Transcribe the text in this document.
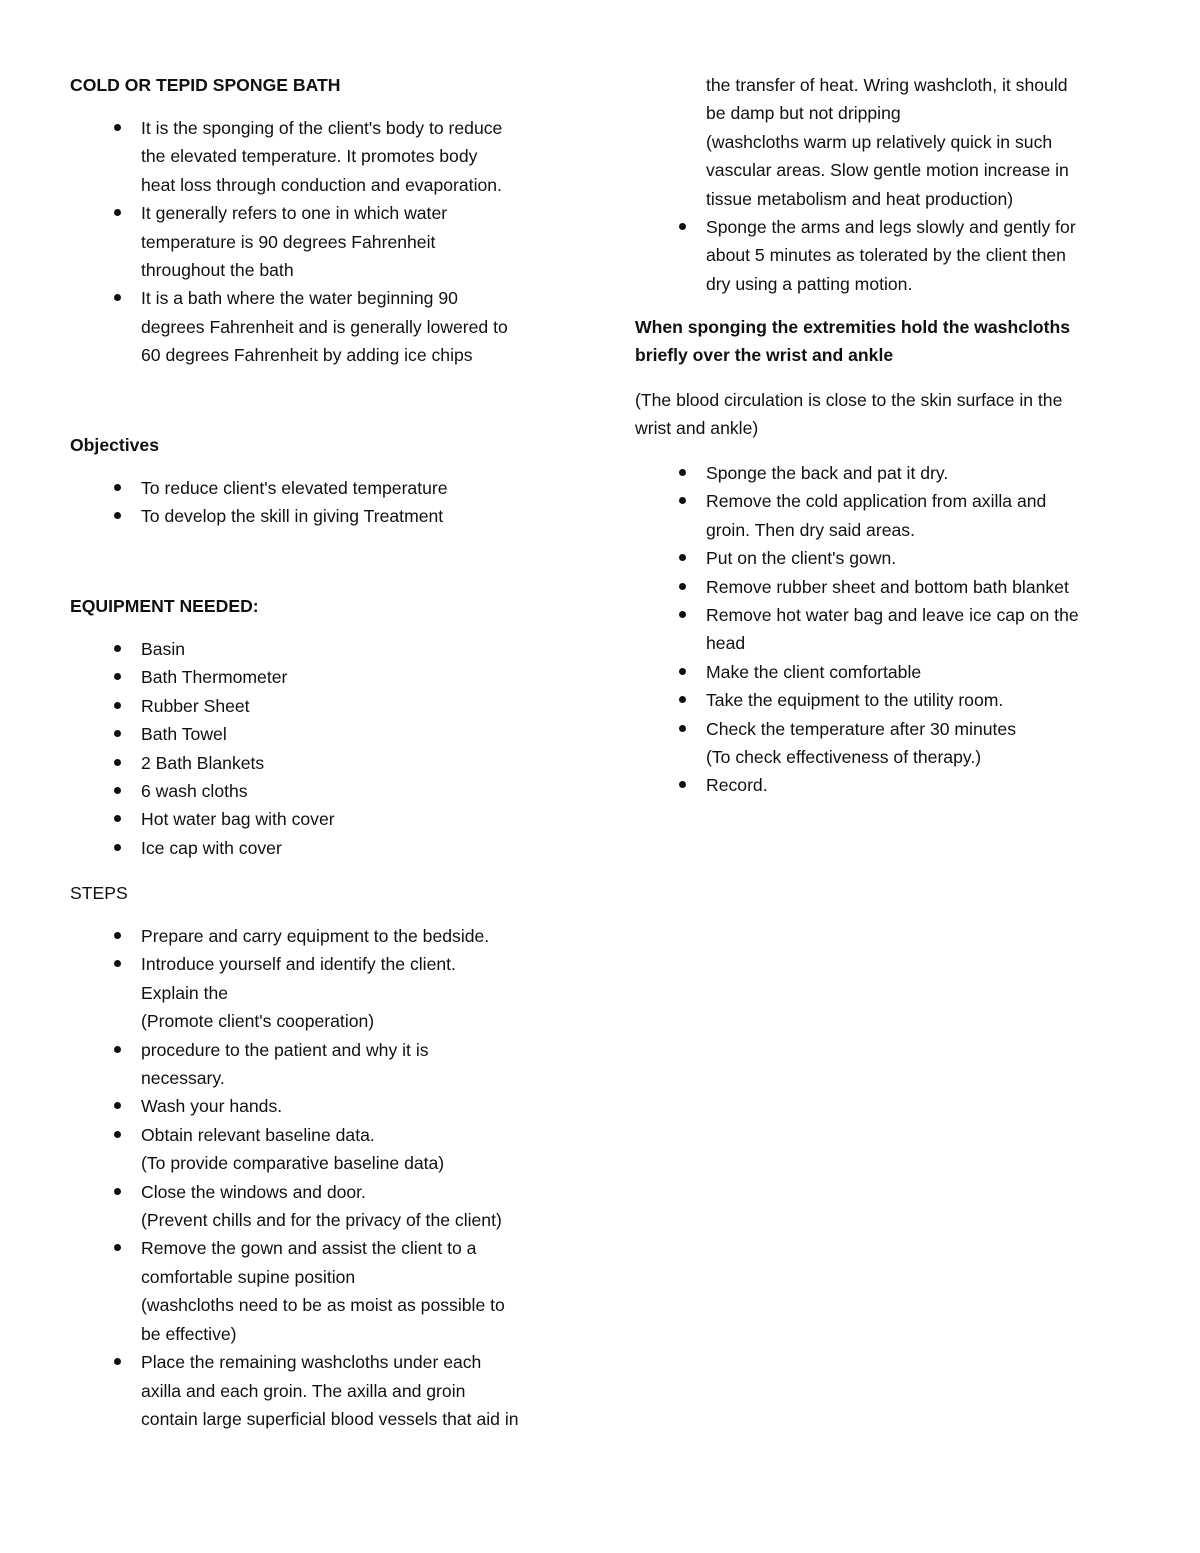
COLD OR TEPID SPONGE BATH
It is the sponging of the client's body to reduce
the elevated temperature. It promotes body
heat loss through conduction and evaporation.
It generally refers to one in which water
temperature is 90 degrees Fahrenheit
throughout the bath
It is a bath where the water beginning 90
degrees Fahrenheit and is generally lowered to
60 degrees Fahrenheit by adding ice chips
Objectives
To reduce client's elevated temperature
To develop the skill in giving Treatment
EQUIPMENT NEEDED:
Basin
Bath Thermometer
Rubber Sheet
Bath Towel
2 Bath Blankets
6 wash cloths
Hot water bag with cover
Ice cap with cover
STEPS
Prepare and carry equipment to the bedside.
Introduce yourself and identify the client.
Explain the
(Promote client's cooperation)
procedure to the patient and why it is
necessary.
Wash your hands.
Obtain relevant baseline data.
(To provide comparative baseline data)
Close the windows and door.
(Prevent chills and for the privacy of the client)
Remove the gown and assist the client to a
comfortable supine position
(washcloths need to be as moist as possible to
be effective)
Place the remaining washcloths under each
axilla and each groin. The axilla and groin
contain large superficial blood vessels that aid in
the transfer of heat. Wring washcloth, it should
be damp but not dripping
(washcloths warm up relatively quick in such
vascular areas. Slow gentle motion increase in
tissue metabolism and heat production)
Sponge the arms and legs slowly and gently for
about 5 minutes as tolerated by the client then
dry using a patting motion.
When sponging the extremities hold the washcloths
briefly over the wrist and ankle
(The blood circulation is close to the skin surface in the
wrist and ankle)
Sponge the back and pat it dry.
Remove the cold application from axilla and
groin. Then dry said areas.
Put on the client's gown.
Remove rubber sheet and bottom bath blanket
Remove hot water bag and leave ice cap on the
head
Make the client comfortable
Take the equipment to the utility room.
Check the temperature after 30 minutes
(To check effectiveness of therapy.)
Record.
